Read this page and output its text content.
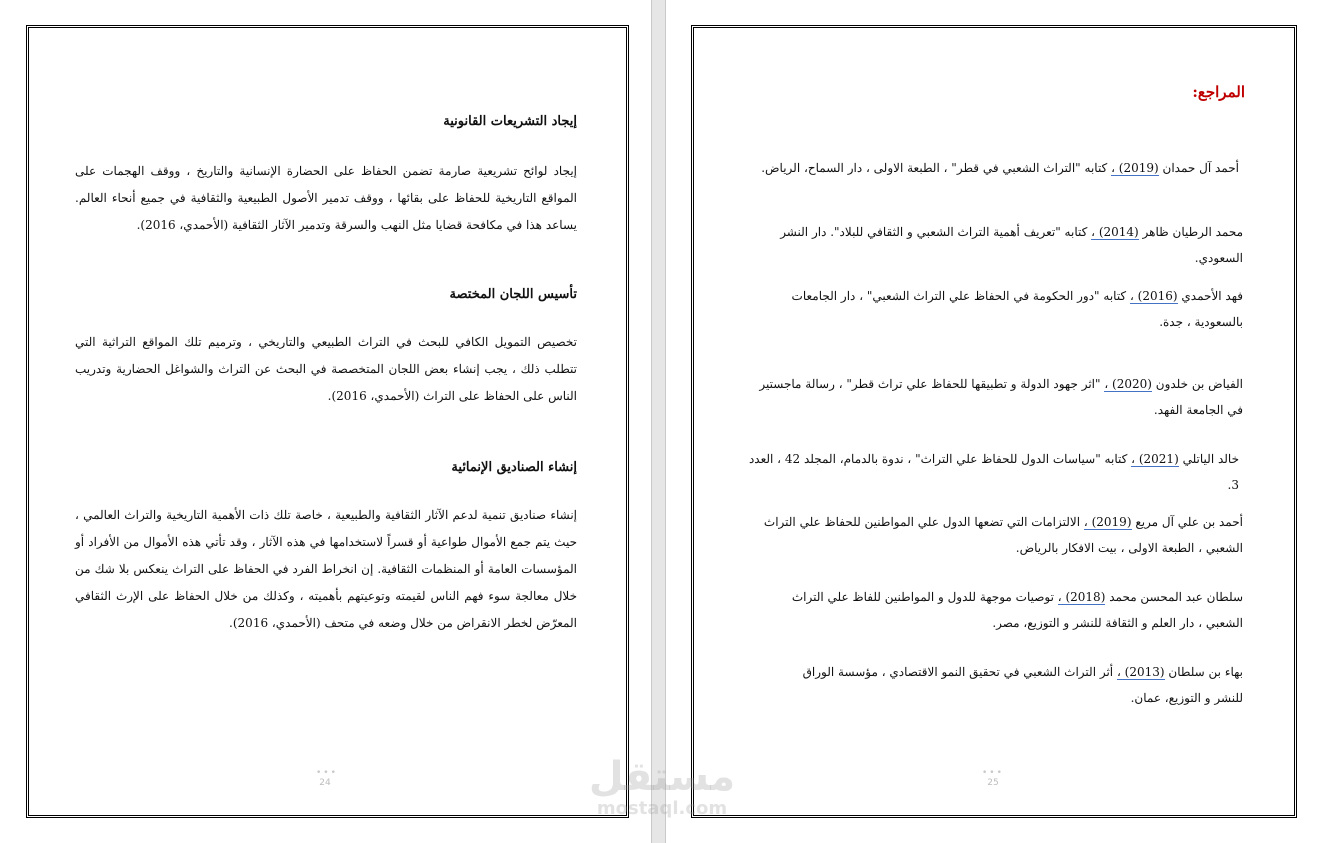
إيجاد التشريعات القانونية
إيجاد لوائح تشريعية صارمة تضمن الحفاظ على الحضارة الإنسانية والتاريخ ، ووقف الهجمات على المواقع التاريخية للحفاظ على بقائها ، ووقف تدمير الأصول الطبيعية والثقافية في جميع أنحاء العالم. يساعد هذا في مكافحة قضايا مثل النهب والسرقة وتدمير الآثار الثقافية (الأحمدي، 2016).
تأسيس اللجان المختصة
تخصيص التمويل الكافي للبحث في التراث الطبيعي والتاريخي ، وترميم تلك المواقع التراثية التي تتطلب ذلك ، يجب إنشاء بعض اللجان المتخصصة في البحث عن التراث والشواغل الحضارية وتدريب الناس على الحفاظ على التراث (الأحمدي، 2016).
إنشاء الصناديق الإنمائية
إنشاء صناديق تنمية لدعم الآثار الثقافية والطبيعية ، خاصة تلك ذات الأهمية التاريخية والتراث العالمي ، حيث يتم جمع الأموال طواعية أو قسراً لاستخدامها في هذه الآثار ، وقد تأتي هذه الأموال من الأفراد أو المؤسسات العامة أو المنظمات الثقافية. إن انخراط الفرد في الحفاظ على التراث ينعكس بلا شك من خلال معالجة سوء فهم الناس لقيمته وتوعيتهم بأهميته ، وكذلك من خلال الحفاظ على الإرث الثقافي المعرّض لخطر الانقراض من خلال وضعه في متحف (الأحمدي، 2016).
•••
24
المراجع:
أحمد آل حمدان (2019) ، كتابه "التراث الشعبي في قطر" ، الطبعة الاولى ، دار السماح، الرياض.
محمد الرطيان ظاهر (2014) ، كتابه "تعريف أهمية التراث الشعبي و الثقافي للبلاد". دار النشر السعودي.
فهد الأحمدي (2016) ، كتابه "دور الحكومة في الحفاظ علي التراث الشعبي" ، دار الجامعات بالسعودية ، جدة.
الفياض بن خلدون (2020) ، "اثر جهود الدولة و تطبيقها للحفاظ علي تراث قطر" ، رسالة ماجستير في الجامعة الفهد.
خالد الياتلي (2021) ، كتابه "سياسات الدول للحفاظ علي التراث" ، ندوة بالدمام، المجلد 42 ، العدد 3.
أحمد بن علي آل مريع (2019) ، الالتزامات التي تضعها الدول علي المواطنين للحفاظ علي التراث الشعبي ، الطبعة الاولى ، بيت الافكار بالرياض.
سلطان عبد المحسن محمد (2018) ، توصيات موجهة للدول و المواطنين للفاظ علي التراث الشعبي ، دار العلم و الثقافة للنشر و التوزيع، مصر.
بهاء بن سلطان (2013) ، أثر التراث الشعبي في تحقيق النمو الاقتصادي ، مؤسسة الوراق للنشر و التوزيع، عمان.
•••
25
مستقل
mostaql.com
